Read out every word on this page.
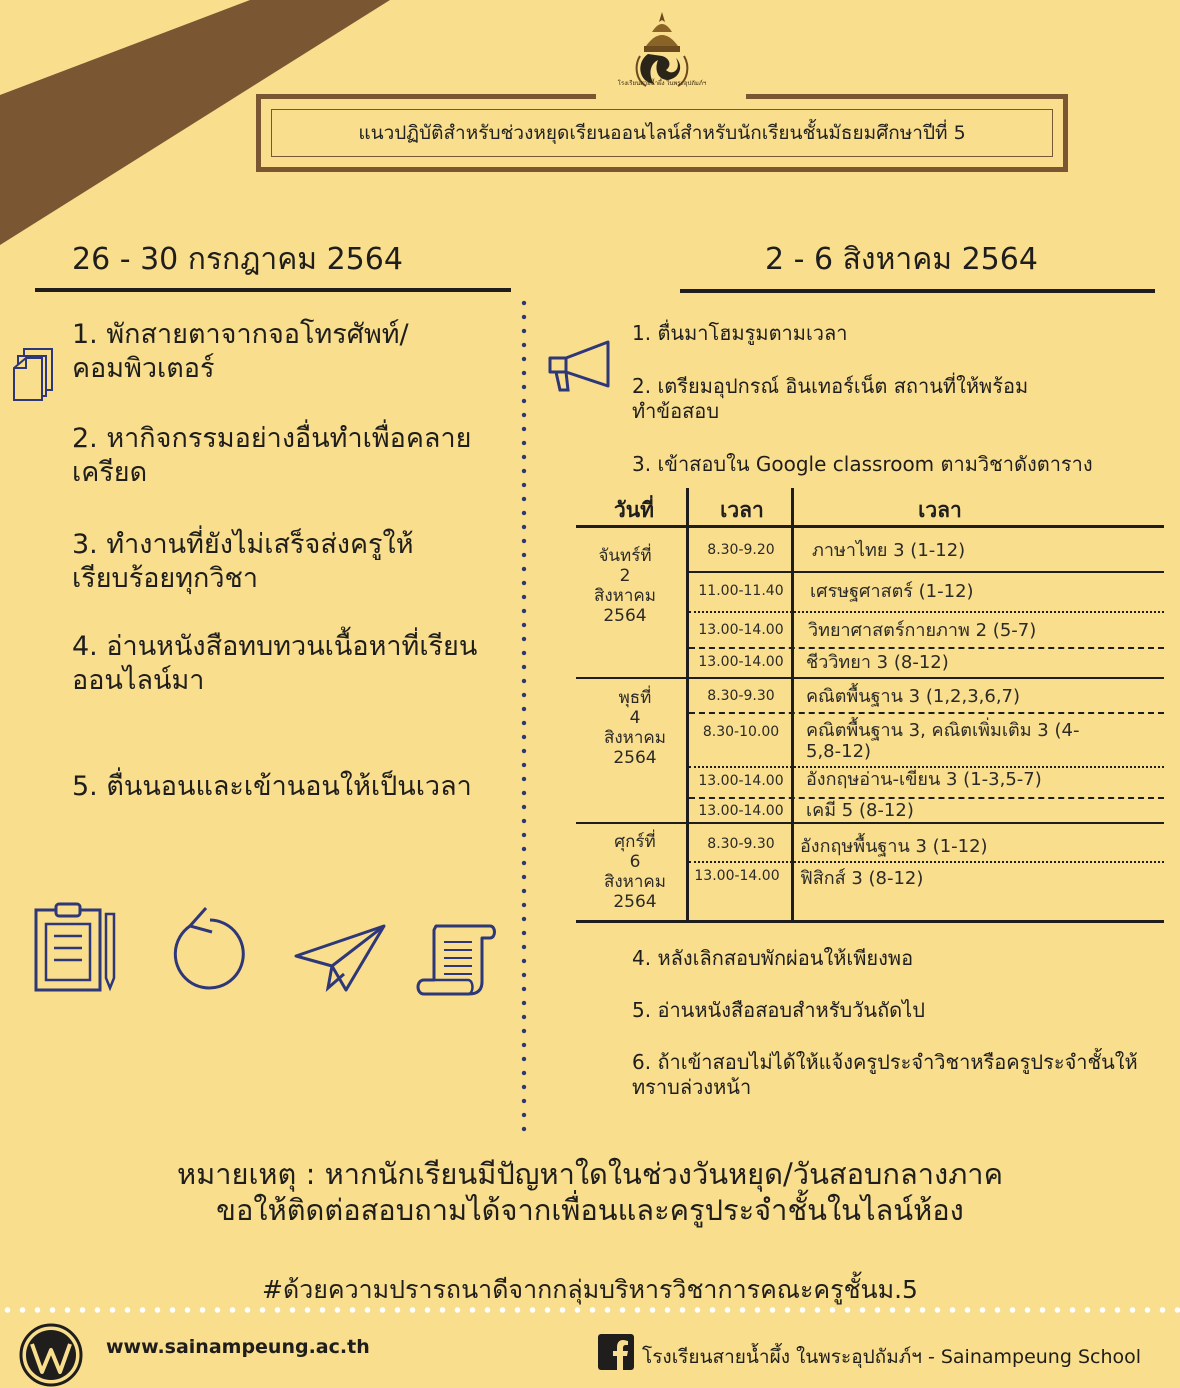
แนวปฏิบัติสำหรับช่วงหยุดเรียนออนไลน์สำหรับนักเรียนชั้นมัธยมศึกษาปีที่ 5
โรงเรียนสายน้ำผึ้ง ในพระอุปถัมภ์ฯ
26 - 30 กรกฎาคม 2564
1. พักสายตาจากจอโทรศัพท์/คอมพิวเตอร์
2. หากิจกรรมอย่างอื่นทำเพื่อคลายเครียด
3. ทำงานที่ยังไม่เสร็จส่งครูให้เรียบร้อยทุกวิชา
4. อ่านหนังสือทบทวนเนื้อหาที่เรียนออนไลน์มา
5. ตื่นนอนและเข้านอนให้เป็นเวลา
2 - 6 สิงหาคม 2564
1. ตื่นมาโฮมรูมตามเวลา
2. เตรียมอุปกรณ์ อินเทอร์เน็ต สถานที่ให้พร้อมทำข้อสอบ
3. เข้าสอบใน Google classroom ตามวิชาดังตาราง
วันที่	เวลา	เวลา
จันทร์ที่
2
สิงหาคม
2564
8.30-9.20	ภาษาไทย 3 (1-12)
11.00-11.40	เศรษฐศาสตร์ (1-12)
13.00-14.00	วิทยาศาสตร์กายภาพ 2 (5-7)
13.00-14.00	ชีววิทยา 3 (8-12)
พุธที่
4
สิงหาคม
2564
8.30-9.30	คณิตพื้นฐาน 3 (1,2,3,6,7)
8.30-10.00	คณิตพื้นฐาน 3, คณิตเพิ่มเติม 3 (4-5,8-12)
13.00-14.00	อังกฤษอ่าน-เขียน 3 (1-3,5-7)
13.00-14.00	เคมี 5 (8-12)
ศุกร์ที่
6
สิงหาคม
2564
8.30-9.30	อังกฤษพื้นฐาน 3 (1-12)
13.00-14.00	ฟิสิกส์ 3 (8-12)
4. หลังเลิกสอบพักผ่อนให้เพียงพอ
5. อ่านหนังสือสอบสำหรับวันถัดไป
6. ถ้าเข้าสอบไม่ได้ให้แจ้งครูประจำวิชาหรือครูประจำชั้นให้ทราบล่วงหน้า
หมายเหตุ : หากนักเรียนมีปัญหาใดในช่วงวันหยุด/วันสอบกลางภาค
ขอให้ติดต่อสอบถามได้จากเพื่อนและครูประจำชั้นในไลน์ห้อง
#ด้วยความปรารถนาดีจากกลุ่มบริหารวิชาการคณะครูชั้นม.5
www.sainampeung.ac.th	โรงเรียนสายน้ำผึ้ง ในพระอุปถัมภ์ฯ - Sainampeung School
